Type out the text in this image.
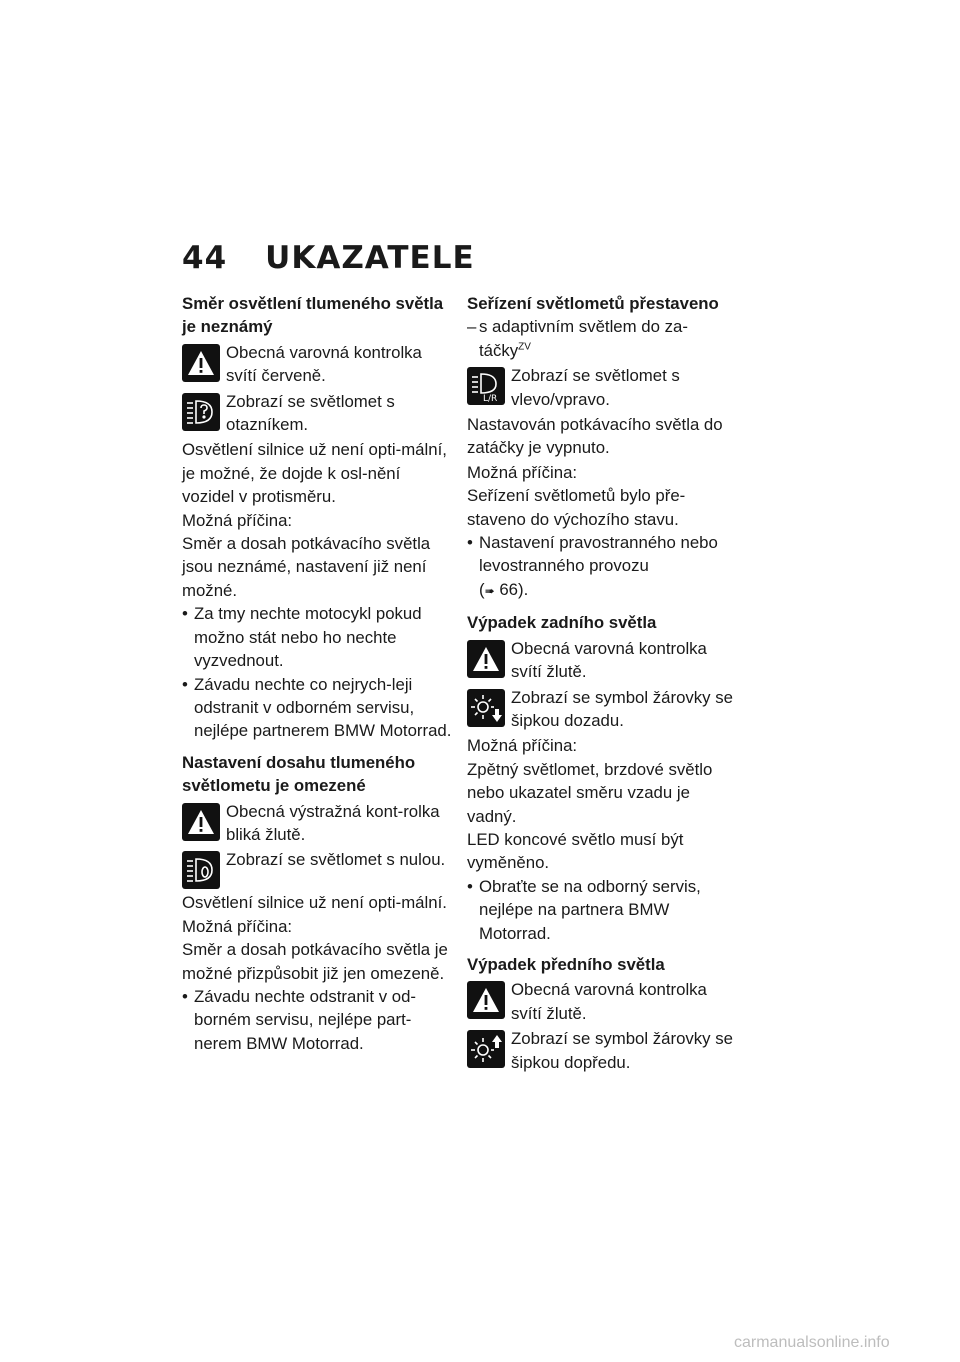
44 UKAZATELE
Směr osvětlení tlumeného světla je neznámý
Obecná varovná kontrolka svítí červeně.
Zobrazí se světlomet s otazníkem.

Osvětlení silnice už není opti-mální, je možné, že dojde k osl-nění vozidel v protisměru.

Možná příčina:

Směr a dosah potkávacího světla jsou neznámé, nastavení již není možné.

• Za tmy nechte motocykl pokud možno stát nebo ho nechte vyzvednout.
• Závadu nechte co nejrych-leji odstranit v odborném servisu, nejlépe partnerem BMW Motorrad.
Nastavení dosahu tlumeného světlometu je omezené
Obecná výstražná kont-rolka bliká žlutě.
Zobrazí se světlomet s nulou.

Osvětlení silnice už není opti-mální.

Možná příčina:

Směr a dosah potkávacího světla je možné přizpůsobit již jen omezeně.

• Závadu nechte odstranit v od-borném servisu, nejlépe part-nerem BMW Motorrad.
Seřízení světlometů přestaveno
– s adaptivním světlem do za-táčky$^{ZV}$
L/R
Zobrazí se světlomet s vlevo/vpravo.

Nastavován potkávacího světla do zatáčky je vypnuto.

Možná příčina:

Seřízení světlometů bylo pře-staveno do výchozího stavu.

• Nastavení pravostranného nebo levostranného provozu
(➠ 66).
Výpadek zadního světla
Obecná varovná kontrolka svítí žlutě.
Zobrazí se symbol žárovky se šipkou dozadu.

Možná příčina:

Zpětný světlomet, brzdové světlo nebo ukazatel směru vzadu je vadný.

LED koncové světlo musí být vyměněno.

• Obraťte se na odborný servis, nejlépe na partnera BMW Motorrad.
Výpadek předního světla
Obecná varovná kontrolka svítí žlutě.
Zobrazí se symbol žárovky se šipkou dopředu.
carmanualsonline.info
